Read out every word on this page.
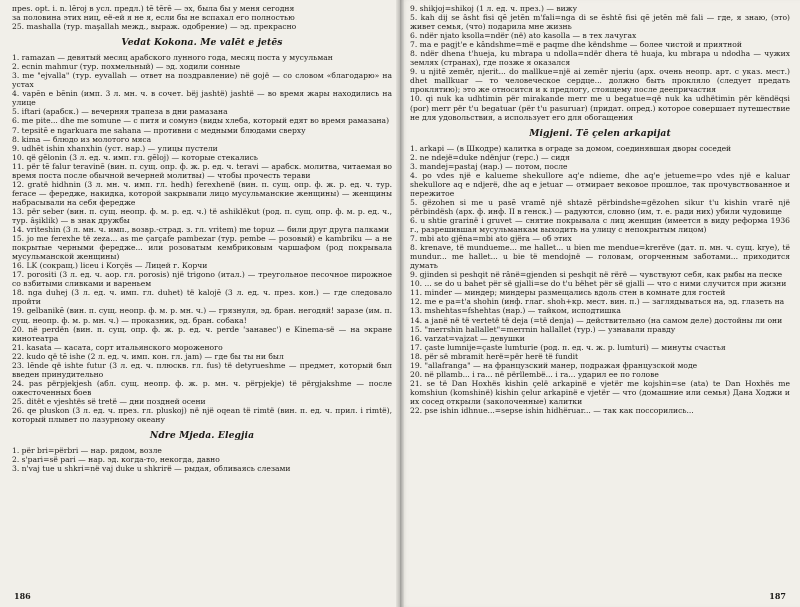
преs. opt. i. n. lēroj в усл. предл.) tē tērē — эх, была бы у меня сегодня

за половина этих ниц, её-ей я не я, если бы не вспахал его полностью

25. mashalla (тур. maşallah межд., выраж. одобрение) — эд. прекрасно

Vedat Kokona. Me valēt e jetēs

1. ramazan — девятый месяц арабского лунного года, месяц поста у мусульман

2. ecnin mahmur (тур. похмельный) — эд. ходили сонные

3. me "ejvalla" (тур. eyvallah — ответ на поздравление) në gojë — со словом «благодарю» на устах

4. vapēn e bēnin (имп. 3 л. мн. ч. в сочет. bëj jashtë) jashtë — во время жары находились на улице

5. iftari (арабск.) — вечерняя трапеза в дни рамазана

6. me pite... dhe me somune — с питя и сомунэ (виды хлеба, который едят во время рамазана)

7. tepsitē e ngarkuara me sahana — противни с медными блюдами сверху

8. kima — блюдо из молотого мяса

9. udhēt ishin xhanxhin (уст. нар.) — улицы пустели

10. që gēlonin (3 л. ед. ч. имп. гл. gēloj) — которые стекались

11. për tē falur teravinē (вин. п. сущ. опр. ф. ж. р. ед. ч. teravi — арабск. молитва, читаемая во время поста после обычной вечерней молитвы) — чтобы прочесть терави

12. gratë hidhnin (3 л. мн. ч. имп. гл. hedh) ferexhenë (вин. п. сущ. опр. ф. ж. р. ед. ч. тур. ferace — фередже, накидка, которой закрывали лицо мусульманские женщины) — женщины набрасывали на себя фередже

13. për seber (вин. п. сущ. неопр. ф. м. р. ед. ч.) të ashiklëkut (род. п. сущ. опр. ф. м. р. ед. ч., тур. âşiklik) — в знак дружбы

14. vriteshin (3 л. мн. ч. имп., возвр.-страд. з. гл. vritem) me topuz — били друг друга палками

15. jo me ferexhe të zeza... as me çarçafe pambezar (тур. pembe — розовый) e kambriku — а не покрытые черными фередже... или розоватым кембриковым чаршафом (род покрывала мусульманской женщины)

16. LK (сокращ.) liceu i Korçës — Лицей г. Корчи

17. porositi (3 л. ед. ч. аор. гл. porosis) një trigono (итал.) — треугольное песочное пирожное со взбитыми сливками и вареньем

18. nga duhej (3 л. ед. ч. имп. гл. duhet) të kalojē (3 л. ед. ч. през. кон.) — где следовало пройти

19. gelbanikē (вин. п. сущ. неопр. ф. м. р. мн. ч.) — грязнуля, эд. бран. негодяй! заразе (им. п. сущ. неопр. ф. м. р. мн. ч.) — проказник, эд. бран. собака!

20. në perdën (вин. п. сущ. опр. ф. ж. р. ед. ч. perde 'занавес') e Kinema-së — на экране кинотеатра

21. kasata — касата, сорт итальянского мороженого

22. kudo që tē ishe (2 л. ед. ч. имп. кон. гл. jam) — где бы ты ни был

23. lēnde që ishte futur (3 л. ед. ч. плюскв. гл. fus) të detyrueshme — предмет, который был введен принудительно

24. pas përpjekjesh (абл. сущ. неопр. ф. ж. р. мн. ч. përpjekje) të përgjakshme — после ожесточенных боев

25. ditët e vjeshtës së tretë — дни поздней осени

26. qe pluskon (3 л. ед. ч. през. гл. pluskoj) në një oqean të rimtë (вин. п. ед. ч. прил. i rimtë), который плывет по лазурному океану

Ndre Mjeda. Elegjia

1. për bri=përbri — нар. рядом, возле

2. s'pari=së pari — нар. эд. когда-то, некогда, давно

3. n'vaj tue u shkri=në vaj duke u shkrirë — рыдая, обливаясь слезами

186

9. shikjoj=shikoj (1 л. ед. ч. през.) — вижу

5. kah dij se âsht fisi qē jetēn m'fali=nga di se ēshtē fisi qē jetēn më fali — где, я знаю, (это) живет семья, (что) подарила мне жизнь

6. ndër njato ksolla=ndër (në) ato kasolla — в тех лачугах

7. ma e pagjt'e e kândshme=më e paqme dhe këndshme — более чистой и приятной

8. ndër dhena t'hueja, ku mbrapa u ndolla=ndër dhera të huaja, ku mbrapa u ndodha — чужих землях (странах), где позже я оказался

9. u njitē zemër, njerit... do mallkue=një ai zemër njeriu (арх. очень неопр. арт. с указ. мест.) dhet mallkuar — то человеческое сердце... должно быть прокляло (следует предать проклятию); это же относится и к предлогу, стоящему после деепричастия

10. qi nuk ka udhtimin për mirakande merr me u begatue=që nuk ka udhëtimin për këndëqsi (por) merr për t'u begatuar (për t'u pasuruar) (придат. опред.) которое совершает путешествие не для удовольствия, а использует его для обогащения

Migjeni. Tē çelen arkapijat

1. arkapi — (в Шкодре) калитка в ограде за домом, соединявшая дворы соседей

2. ne ndejë=duke ndënjur (герс.) — сидя

3. mandej=pastaj (нар.) — потом, после

4. po vdes një e kalueme shekullore aq'e ndieme, dhe aq'e jetueme=po vdes një e kaluar shekullore aq e ndjerë, dhe aq e jetuar — отмирает вековое прошлое, так прочувствованное и пережитое

5. gëzohen si me u pasē vramē një shtazē përbindshe=gëzohen sikur t'u kishin vrarē një përbindësh (арх. ф. инф. II в генск.) — радуются, словно (им, т. е. ради них) убили чудовище

6. u shtie grarinë i gruvet — снятие покрывала с лиц женщин (имеется в виду реформа 1936 г., разрешившая мусульманкам выходить на улицу с непокрытым лицом)

7. mbi ato gjêna=mbi ato gjëra — об этих

8. krenave, të mundueme... me hallet... u bien me mendue=krerëve (дат. п. мн. ч. сущ. krye), të mundur... me hallet... u bie të mendojnë — головам, огорченным заботами... приходится думать

9. gjinden si peshqit në rânë=gjenden si peshqit në rërë — чувствуют себя, как рыбы на песке

10. ... se do u bahet për së gjalli=se do t'u bëhet për së gjalli — что с ними случится при жизни

11. minder — миндер; миндеры размещались вдоль стен в комнате для гостей

12. me e pa=t'a shohin (инф. глаг. shoh+кр. мест. вин. п.) — заглядываться на, эд. глазеть на

13. mshehtas=fshehtas (нар.) — тайком, исподтишка

14. a janë në të vertetë të deja (=të denja) — действительно (на самом деле) достойны ли они

15. "merrshin hallallet"=merrnin hallallet (тур.) — узнавали правду

16. varzat=vajzat — девушки

17. çaste lumnije=çaste lumturie (род. п. ед. ч. ж. р. lumturi) — минуты счастья

18. për së mbramit herë=për herë të fundit

19. "allafranga" — на французский манер, подражая французской моде

20. në pllamb... i ra... në përllembë... i ra... ударил ее по голове

21. se të Dan Hoxhës kishin çelë arkapinë e vjetër me kojshin=se (ata) te Dan Hoxhës me komshiun (komshinë) kishin çelur arkapinë e vjetër — что (домашние или семья) Дана Ходжи и их сосед открыли (заколоченные) калитки

22. pse ishin idhnue...=sepse ishin hidhëruar... — так как поссорились...

187
